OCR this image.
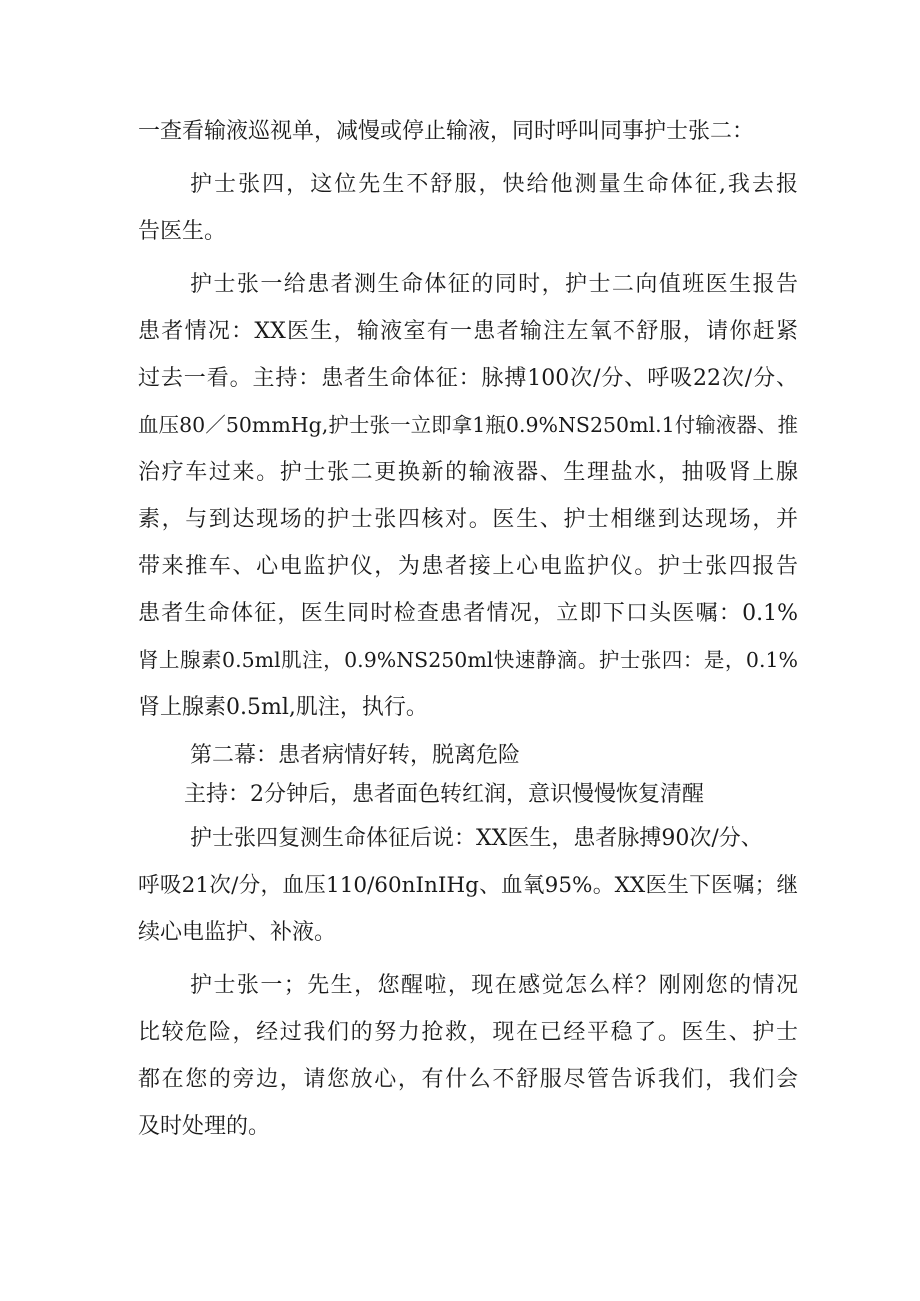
一查看输液巡视单，减慢或停止输液，同时呼叫同事护士张二：
护士张四，这位先生不舒服，快给他测量生命体征,我去报
告医生。
护士张一给患者测生命体征的同时，护士二向值班医生报告
患者情况：XX医生，输液室有一患者输注左氧不舒服，请你赶紧
过去一看。主持：患者生命体征：脉搏100次/分、呼吸22次/分、
血压80／50mmHg,护士张一立即拿1瓶0.9%NS250ml.1付输液器、推
治疗车过来。护士张二更换新的输液器、生理盐水，抽吸肾上腺
素，与到达现场的护士张四核对。医生、护士相继到达现场，并
带来推车、心电监护仪，为患者接上心电监护仪。护士张四报告
患者生命体征，医生同时检查患者情况，立即下口头医嘱：0.1%
肾上腺素0.5ml肌注，0.9%NS250ml快速静滴。护士张四：是，0.1%
肾上腺素0.5ml,肌注，执行。
第二幕：患者病情好转，脱离危险
主持：2分钟后，患者面色转红润，意识慢慢恢复清醒
护士张四复测生命体征后说：XX医生，患者脉搏90次/分、
呼吸21次/分，血压110/60nInIHg、血氧95%。XX医生下医嘱；继
续心电监护、补液。
护士张一；先生，您醒啦，现在感觉怎么样？刚刚您的情况
比较危险，经过我们的努力抢救，现在已经平稳了。医生、护士
都在您的旁边，请您放心，有什么不舒服尽管告诉我们，我们会
及时处理的。
